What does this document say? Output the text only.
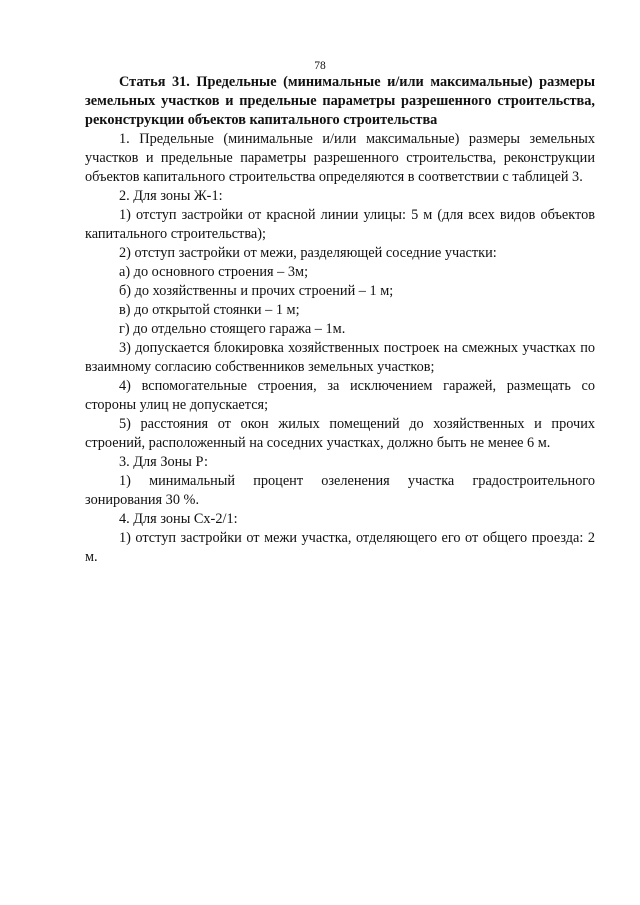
78

Статья 31. Предельные (минимальные и/или максимальные) размеры земельных участков и предельные параметры разрешенного строительства, реконструкции объектов капитального строительства

1. Предельные (минимальные и/или максимальные) размеры земельных участков и предельные параметры разрешенного строительства, реконструкции объектов капитального строительства определяются в соответствии с таблицей 3.

2. Для зоны Ж-1:

1) отступ застройки от красной линии улицы: 5 м (для всех видов объектов капитального строительства);

2) отступ застройки от межи, разделяющей соседние участки:

а) до основного строения – 3м;

б) до хозяйственны и прочих строений – 1 м;

в) до открытой стоянки – 1 м;

г) до отдельно стоящего гаража – 1м.

3) допускается блокировка хозяйственных построек на смежных участках по взаимному согласию собственников земельных участков;

4) вспомогательные строения, за исключением гаражей, размещать со стороны улиц не допускается;

5) расстояния от окон жилых помещений до хозяйственных и прочих строений, расположенный на соседних участках, должно быть не менее 6 м.

3. Для Зоны Р:

1) минимальный процент озеленения участка градостроительного зонирования 30 %.

4. Для зоны Сх-2/1:

1) отступ застройки от межи участка, отделяющего его от общего проезда: 2 м.
